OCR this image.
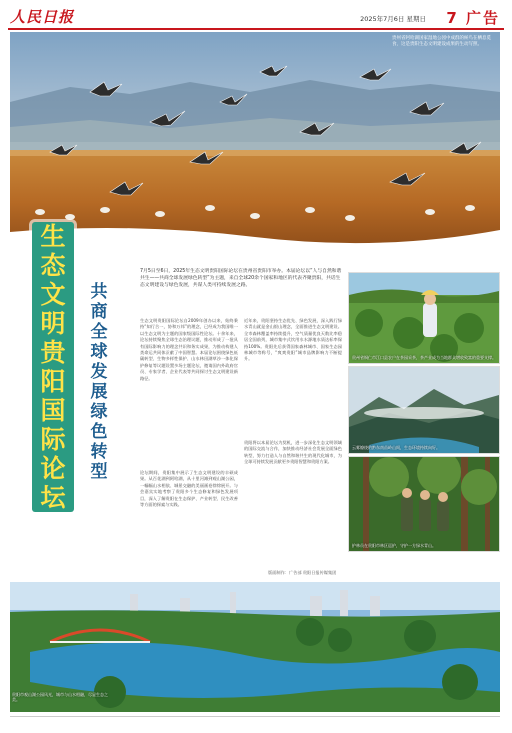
人民日报	2025年7月6日 星期日 7 广告
贵州省阿哈湖国家湿地公园中成群的候鸟在栖息觅食，这是贵阳生态文明建设成果的生动写照。
生
态
文
明
贵
阳
国
际
论
坛
共
商
全
球
发
展
绿
色
转
型
7月5日至6日，2025年生态文明贵阳国际论坛在贵州省贵阳市举办。本届论坛以“人与自然和谐共生——共商全球发展绿色转型”为主题，来自全球20余个国家和地区的代表齐聚贵阳，共话生态文明建设与绿色发展，共谋人类可持续发展之路。
生态文明贵阳国际论坛自2009年创办以来，始终秉持“知行合一，协和万邦”的理念，已经成为我国唯一以生态文明为主题的国家级国际性论坛。十余年来，论坛持续聚焦全球生态治理议题，推动形成了一批具有国际影响力的理念共识和务实成果，为推动构建人类命运共同体贡献了中国智慧。本届论坛围绕绿色低碳转型、生物多样性保护、山水林田湖草沙一体化保护修复等议题设置多场主题论坛，邀请国内外政府官员、专家学者、企业代表等共同探讨生态文明建设新路径。
近年来，贵阳坚持生态优先、绿色发展，深入践行绿水青山就是金山银山理念，全面推进生态文明建设。全市森林覆盖率持续提升，空气质量优良天数比率稳居全国前列，城市集中式饮用水水源地水质达标率保持100%。贵阳先后获得国家森林城市、国家生态园林城市等称号，“爽爽贵阳”城市品牌影响力不断提升。
论坛期间，贵阳集中展示了生态文明建设的丰硕成果。从百花湖到阿哈湖，从十里河滩到观山湖公园，一幅幅山水相依、城景交融的美丽画卷徐徐展开。与会嘉宾实地考察了贵阳多个生态修复和绿色发展项目，深入了解贵阳在生态保护、产业转型、民生改善等方面的探索与实践。
贵阳将以本届论坛为契机，进一步深化生态文明领域的国际交流与合作，加快推动经济社会发展全面绿色转型，努力打造人与自然和谐共生的现代化城市，为全球可持续发展贡献更多贵阳智慧和贵阳方案。
贵州省铜仁市江口县农户在茶园采茶，茶产业成为当地群众增收致富的重要支撑。
云雾缭绕的黔东南苗岭山间，生态环境持续向好。
护林员在贵阳市林区巡护，守护一方绿水青山。
版面制作：广告部 贵阳日报传媒集团
贵阳市观山湖公园风光，城市与山水相融，尽显生态之美。
